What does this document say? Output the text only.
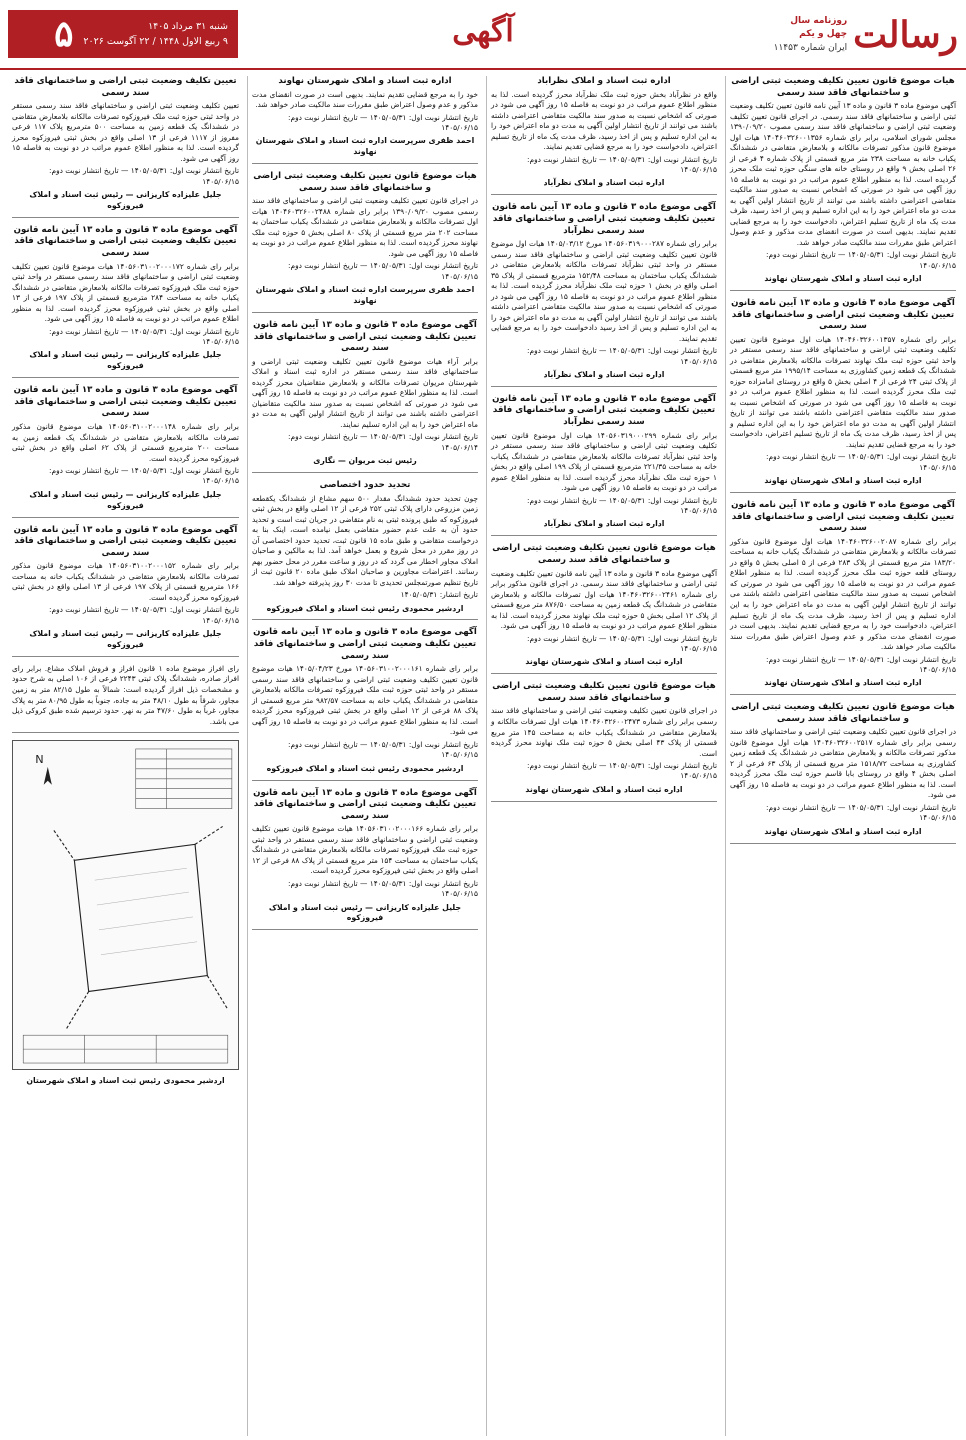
رسالت
روزنامه سال چهل و یکم
ایران شماره ۱۱۴۵۳
آگهی
شنبه ۳۱ مرداد ۱۴۰۵
۹ ربیع الاول ۱۴۴۸ / ۲۲ آگوست ۲۰۲۶
۵
هیات موضوع قانون تعیین تکلیف وضعیت ثبتی اراضی و ساختمانهای فاقد سند رسمی
آگهی موضوع ماده ۳ قانون و ماده ۱۳ آیین نامه قانون تعیین تکلیف وضعیت ثبتی اراضی و ساختمانهای فاقد سند رسمی. در اجرای قانون تعیین تکلیف وضعیت ثبتی اراضی و ساختمانهای فاقد سند رسمی مصوب ۱۳۹۰/۰۹/۲۰ مجلس شورای اسلامی، برابر رای شماره ۱۴۰۴۶۰۳۲۶۰۰۱۳۵۶ هیات اول موضوع قانون مذکور تصرفات مالکانه و بلامعارض متقاضی در ششدانگ یکباب خانه به مساحت ۲۳۸ متر مربع قسمتی از پلاک شماره ۴ فرعی از ۲۶ اصلی بخش ۹ واقع در روستای خانه های سنگی حوزه ثبت ملک محرز گردیده است. لذا به منظور اطلاع عموم مراتب در دو نوبت به فاصله ۱۵ روز آگهی می شود در صورتی که اشخاص نسبت به صدور سند مالکیت متقاضی اعتراضی داشته باشند می توانند از تاریخ انتشار اولین آگهی به مدت دو ماه اعتراض خود را به این اداره تسلیم و پس از اخذ رسید، ظرف مدت یک ماه از تاریخ تسلیم اعتراض، دادخواست خود را به مرجع قضایی تقدیم نمایند. بدیهی است در صورت انقضای مدت مذکور و عدم وصول اعتراض طبق مقررات سند مالکیت صادر خواهد شد.
تاریخ انتشار نوبت اول: ۱۴۰۵/۰۵/۳۱ — تاریخ انتشار نوبت دوم: ۱۴۰۵/۰۶/۱۵
اداره ثبت اسناد و املاک شهرستان نهاوند
آگهی موضوع ماده ۳ قانون و ماده ۱۳ آیین نامه قانون تعیین تکلیف وضعیت ثبتی اراضی و ساختمانهای فاقد سند رسمی
برابر رای شماره ۱۴۰۴۶۰۳۲۶۰۰۱۳۵۷ هیات اول موضوع قانون تعیین تکلیف وضعیت ثبتی اراضی و ساختمانهای فاقد سند رسمی مستقر در واحد ثبتی حوزه ثبت ملک نهاوند تصرفات مالکانه بلامعارض متقاضی در ششدانگ یک قطعه زمین کشاورزی به مساحت ۱۹۹۵/۱۴ متر مربع قسمتی از پلاک ثبتی ۲۴ فرعی از ۴ اصلی بخش ۵ واقع در روستای امامزاده حوزه ثبت ملک محرز گردیده است. لذا به منظور اطلاع عموم مراتب در دو نوبت به فاصله ۱۵ روز آگهی می شود در صورتی که اشخاص نسبت به صدور سند مالکیت متقاضی اعتراضی داشته باشند می توانند از تاریخ انتشار اولین آگهی به مدت دو ماه اعتراض خود را به این اداره تسلیم و پس از اخذ رسید، ظرف مدت یک ماه از تاریخ تسلیم اعتراض، دادخواست خود را به مرجع قضایی تقدیم نمایند.
تاریخ انتشار نوبت اول: ۱۴۰۵/۰۵/۳۱ — تاریخ انتشار نوبت دوم: ۱۴۰۵/۰۶/۱۵
اداره ثبت اسناد و املاک شهرستان نهاوند
آگهی موضوع ماده ۳ قانون و ماده ۱۳ آیین نامه قانون تعیین تکلیف وضعیت ثبتی اراضی و ساختمانهای فاقد سند رسمی
برابر رای شماره ۱۴۰۴۶۰۳۲۶۰۰۲۰۸۷ هیات اول موضوع قانون مذکور تصرفات مالکانه و بلامعارض متقاضی در ششدانگ یکباب خانه به مساحت ۱۸۳/۲۰ متر مربع قسمتی از پلاک ۲۸۳ فرعی از ۵ اصلی بخش ۵ واقع در روستای قلعه حوزه ثبت ملک محرز گردیده است. لذا به منظور اطلاع عموم مراتب در دو نوبت به فاصله ۱۵ روز آگهی می شود در صورتی که اشخاص نسبت به صدور سند مالکیت متقاضی اعتراضی داشته باشند می توانند از تاریخ انتشار اولین آگهی به مدت دو ماه اعتراض خود را به این اداره تسلیم و پس از اخذ رسید، ظرف مدت یک ماه از تاریخ تسلیم اعتراض، دادخواست خود را به مرجع قضایی تقدیم نمایند. بدیهی است در صورت انقضای مدت مذکور و عدم وصول اعتراض طبق مقررات سند مالکیت صادر خواهد شد.
تاریخ انتشار نوبت اول: ۱۴۰۵/۰۵/۳۱ — تاریخ انتشار نوبت دوم: ۱۴۰۵/۰۶/۱۵
اداره ثبت اسناد و املاک شهرستان نهاوند
هیات موضوع قانون تعیین تکلیف وضعیت ثبتی اراضی و ساختمانهای فاقد سند رسمی
در اجرای قانون تعیین تکلیف وضعیت ثبتی اراضی و ساختمانهای فاقد سند رسمی برابر رای شماره ۱۴۰۴۶۰۳۲۶۰۰۲۵۱۷ هیات اول موضوع قانون مذکور تصرفات مالکانه و بلامعارض متقاضی در ششدانگ یک قطعه زمین کشاورزی به مساحت ۱۵۱۸/۷۲ متر مربع قسمتی از پلاک ۶۳ فرعی از ۲ اصلی بخش ۴ واقع در روستای بابا قاسم حوزه ثبت ملک محرز گردیده است. لذا به منظور اطلاع عموم مراتب در دو نوبت به فاصله ۱۵ روز آگهی می شود.
تاریخ انتشار نوبت اول: ۱۴۰۵/۰۵/۳۱ — تاریخ انتشار نوبت دوم: ۱۴۰۵/۰۶/۱۵
اداره ثبت اسناد و املاک شهرستان نهاوند
اداره ثبت اسناد و املاک نظرآباد
واقع در نظرآباد بخش حوزه ثبت ملک نظرآباد محرز گردیده است. لذا به منظور اطلاع عموم مراتب در دو نوبت به فاصله ۱۵ روز آگهی می شود در صورتی که اشخاص نسبت به صدور سند مالکیت متقاضی اعتراضی داشته باشند می توانند از تاریخ انتشار اولین آگهی به مدت دو ماه اعتراض خود را به این اداره تسلیم و پس از اخذ رسید، ظرف مدت یک ماه از تاریخ تسلیم اعتراض، دادخواست خود را به مرجع قضایی تقدیم نمایند.
تاریخ انتشار نوبت اول: ۱۴۰۵/۰۵/۳۱ — تاریخ انتشار نوبت دوم: ۱۴۰۵/۰۶/۱۵
اداره ثبت اسناد و املاک نظرآباد
آگهی موضوع ماده ۳ قانون و ماده ۱۳ آیین نامه قانون تعیین تکلیف وضعیت ثبتی اراضی و ساختمانهای فاقد سند رسمی نظرآباد
برابر رای شماره ۱۴۰۵۶۰۳۱۹۰۰۰۲۸۷ مورخ ۱۴۰۵/۰۳/۱۲ هیات اول موضوع قانون تعیین تکلیف وضعیت ثبتی اراضی و ساختمانهای فاقد سند رسمی مستقر در واحد ثبتی نظرآباد تصرفات مالکانه بلامعارض متقاضی در ششدانگ یکباب ساختمان به مساحت ۱۵۲/۴۸ مترمربع قسمتی از پلاک ۳۵ اصلی واقع در بخش ۱ حوزه ثبت ملک نظرآباد محرز گردیده است. لذا به منظور اطلاع عموم مراتب در دو نوبت به فاصله ۱۵ روز آگهی می شود در صورتی که اشخاص نسبت به صدور سند مالکیت متقاضی اعتراضی داشته باشند می توانند از تاریخ انتشار اولین آگهی به مدت دو ماه اعتراض خود را به این اداره تسلیم و پس از اخذ رسید دادخواست خود را به مرجع قضایی تقدیم نمایند.
تاریخ انتشار نوبت اول: ۱۴۰۵/۰۵/۳۱ — تاریخ انتشار نوبت دوم: ۱۴۰۵/۰۶/۱۵
اداره ثبت اسناد و املاک نظرآباد
آگهی موضوع ماده ۳ قانون و ماده ۱۳ آیین نامه قانون تعیین تکلیف وضعیت ثبتی اراضی و ساختمانهای فاقد سند رسمی نظرآباد
برابر رای شماره ۱۴۰۵۶۰۳۱۹۰۰۰۲۹۹ هیات اول موضوع قانون تعیین تکلیف وضعیت ثبتی اراضی و ساختمانهای فاقد سند رسمی مستقر در واحد ثبتی نظرآباد تصرفات مالکانه بلامعارض متقاضی در ششدانگ یکباب خانه به مساحت ۲۲۱/۳۵ مترمربع قسمتی از پلاک ۱۹۹ اصلی واقع در بخش ۱ حوزه ثبت ملک نظرآباد محرز گردیده است. لذا به منظور اطلاع عموم مراتب در دو نوبت به فاصله ۱۵ روز آگهی می شود.
تاریخ انتشار نوبت اول: ۱۴۰۵/۰۵/۳۱ — تاریخ انتشار نوبت دوم: ۱۴۰۵/۰۶/۱۵
اداره ثبت اسناد و املاک نظرآباد
هیات موضوع قانون تعیین تکلیف وضعیت ثبتی اراضی و ساختمانهای فاقد سند رسمی
آگهی موضوع ماده ۳ قانون و ماده ۱۳ آیین نامه قانون تعیین تکلیف وضعیت ثبتی اراضی و ساختمانهای فاقد سند رسمی. در اجرای قانون مذکور برابر رای شماره ۱۴۰۴۶۰۳۲۶۰۰۲۴۶۱ هیات اول تصرفات مالکانه و بلامعارض متقاضی در ششدانگ یک قطعه زمین به مساحت ۸۷۶/۵۰ متر مربع قسمتی از پلاک ۱۲ اصلی بخش ۵ حوزه ثبت ملک نهاوند محرز گردیده است. لذا به منظور اطلاع عموم مراتب در دو نوبت به فاصله ۱۵ روز آگهی می شود.
تاریخ انتشار نوبت اول: ۱۴۰۵/۰۵/۳۱ — تاریخ انتشار نوبت دوم: ۱۴۰۵/۰۶/۱۵
اداره ثبت اسناد و املاک شهرستان نهاوند
هیات موضوع قانون تعیین تکلیف وضعیت ثبتی اراضی و ساختمانهای فاقد سند رسمی
در اجرای قانون تعیین تکلیف وضعیت ثبتی اراضی و ساختمانهای فاقد سند رسمی برابر رای شماره ۱۴۰۴۶۰۳۲۶۰۰۲۴۷۳ هیات اول تصرفات مالکانه و بلامعارض متقاضی در ششدانگ یکباب خانه به مساحت ۱۴۵ متر مربع قسمتی از پلاک ۴۳ اصلی بخش ۵ حوزه ثبت ملک نهاوند محرز گردیده است.
تاریخ انتشار نوبت اول: ۱۴۰۵/۰۵/۳۱ — تاریخ انتشار نوبت دوم: ۱۴۰۵/۰۶/۱۵
اداره ثبت اسناد و املاک شهرستان نهاوند
اداره ثبت اسناد و املاک شهرستان نهاوند
خود را به مرجع قضایی تقدیم نمایند. بدیهی است در صورت انقضای مدت مذکور و عدم وصول اعتراض طبق مقررات سند مالکیت صادر خواهد شد.
تاریخ انتشار نوبت اول: ۱۴۰۵/۰۵/۳۱ — تاریخ انتشار نوبت دوم: ۱۴۰۵/۰۶/۱۵
احمد ظفری سرپرست اداره ثبت اسناد و املاک شهرستان نهاوند
هیات موضوع قانون تعیین تکلیف وضعیت ثبتی اراضی و ساختمانهای فاقد سند رسمی
در اجرای قانون تعیین تکلیف وضعیت ثبتی اراضی و ساختمانهای فاقد سند رسمی مصوب ۱۳۹۰/۰۹/۲۰ برابر رای شماره ۱۴۰۴۶۰۳۲۶۰۰۲۴۸۸ هیات اول تصرفات مالکانه و بلامعارض متقاضی در ششدانگ یکباب ساختمان به مساحت ۲۰۲ متر مربع قسمتی از پلاک ۸۰ اصلی بخش ۵ حوزه ثبت ملک نهاوند محرز گردیده است. لذا به منظور اطلاع عموم مراتب در دو نوبت به فاصله ۱۵ روز آگهی می شود.
تاریخ انتشار نوبت اول: ۱۴۰۵/۰۵/۳۱ — تاریخ انتشار نوبت دوم: ۱۴۰۵/۰۶/۱۵
احمد ظفری سرپرست اداره ثبت اسناد و املاک شهرستان نهاوند
آگهی موضوع ماده ۳ قانون و ماده ۱۳ آیین نامه قانون تعیین تکلیف وضعیت ثبتی اراضی و ساختمانهای فاقد سند رسمی
برابر آراء هیات موضوع قانون تعیین تکلیف وضعیت ثبتی اراضی و ساختمانهای فاقد سند رسمی مستقر در اداره ثبت اسناد و املاک شهرستان مریوان تصرفات مالکانه و بلامعارض متقاضیان محرز گردیده است. لذا به منظور اطلاع عموم مراتب در دو نوبت به فاصله ۱۵ روز آگهی می شود در صورتی که اشخاص نسبت به صدور سند مالکیت متقاضیان اعتراضی داشته باشند می توانند از تاریخ انتشار اولین آگهی به مدت دو ماه اعتراض خود را به این اداره تسلیم نمایند.
تاریخ انتشار نوبت اول: ۱۴۰۵/۰۵/۳۱ — تاریخ انتشار نوبت دوم: ۱۴۰۵/۰۶/۱۴
رئیس ثبت مریوان — نگاری
تحدید حدود اختصاصی
چون تحدید حدود ششدانگ مقدار ۵۰۰ سهم مشاع از ششدانگ یکقطعه زمین مزروعی دارای پلاک ثبتی ۲۵۲ فرعی از ۱۲ اصلی واقع در بخش ثبتی فیروزکوه که طبق پرونده ثبتی به نام متقاضی در جریان ثبت است و تحدید حدود آن به علت عدم حضور متقاضی بعمل نیامده است، اینک بنا به درخواست متقاضی و طبق ماده ۱۵ قانون ثبت، تحدید حدود اختصاصی آن در روز مقرر در محل شروع و بعمل خواهد آمد. لذا به مالکین و صاحبان املاک مجاور اخطار می گردد که در روز و ساعت مقرر در محل حضور بهم رسانند. اعتراضات مجاورین و صاحبان املاک طبق ماده ۲۰ قانون ثبت از تاریخ تنظیم صورتمجلس تحدیدی تا مدت ۳۰ روز پذیرفته خواهد شد.
تاریخ انتشار: ۱۴۰۵/۰۵/۳۱
اردشیر محمودی رئیس ثبت اسناد و املاک فیروزکوه
آگهی موضوع ماده ۳ قانون و ماده ۱۳ آیین نامه قانون تعیین تکلیف وضعیت ثبتی اراضی و ساختمانهای فاقد سند رسمی
برابر رای شماره ۱۴۰۵۶۰۳۱۰۰۲۰۰۰۱۶۱ مورخ ۱۴۰۵/۰۴/۲۳ هیات موضوع قانون تعیین تکلیف وضعیت ثبتی اراضی و ساختمانهای فاقد سند رسمی مستقر در واحد ثبتی حوزه ثبت ملک فیروزکوه تصرفات مالکانه بلامعارض متقاضی در ششدانگ یکباب خانه به مساحت ۹۸۲/۵۷ متر مربع قسمتی از پلاک ۸۸ فرعی از ۱۲ اصلی واقع در بخش ثبتی فیروزکوه محرز گردیده است. لذا به منظور اطلاع عموم مراتب در دو نوبت به فاصله ۱۵ روز آگهی می شود.
تاریخ انتشار نوبت اول: ۱۴۰۵/۰۵/۳۱ — تاریخ انتشار نوبت دوم: ۱۴۰۵/۰۶/۱۵
اردشیر محمودی رئیس ثبت اسناد و املاک فیروزکوه
آگهی موضوع ماده ۳ قانون و ماده ۱۳ آیین نامه قانون تعیین تکلیف وضعیت ثبتی اراضی و ساختمانهای فاقد سند رسمی
برابر رای شماره ۱۴۰۵۶۰۳۱۰۰۲۰۰۰۱۶۶ هیات موضوع قانون تعیین تکلیف وضعیت ثبتی اراضی و ساختمانهای فاقد سند رسمی مستقر در واحد ثبتی حوزه ثبت ملک فیروزکوه تصرفات مالکانه بلامعارض متقاضی در ششدانگ یکباب ساختمان به مساحت ۱۵۴ متر مربع قسمتی از پلاک ۸۸ فرعی از ۱۲ اصلی واقع در بخش ثبتی فیروزکوه محرز گردیده است.
تاریخ انتشار نوبت اول: ۱۴۰۵/۰۵/۳۱ — تاریخ انتشار نوبت دوم: ۱۴۰۵/۰۶/۱۵
جلیل علیزاده کاریزانی — رئیس ثبت اسناد و املاک فیروزکوه
تعیین تکلیف وضعیت ثبتی اراضی و ساختمانهای فاقد سند رسمی
تعیین تکلیف وضعیت ثبتی اراضی و ساختمانهای فاقد سند رسمی مستقر در واحد ثبتی حوزه ثبت ملک فیروزکوه تصرفات مالکانه بلامعارض متقاضی در ششدانگ یک قطعه زمین به مساحت ۵۰۰ مترمربع پلاک ۱۱۷ فرعی مفروز از ۱۱۱۷ فرعی از ۱۳ اصلی واقع در بخش ثبتی فیروزکوه محرز گردیده است. لذا به منظور اطلاع عموم مراتب در دو نوبت به فاصله ۱۵ روز آگهی می شود.
تاریخ انتشار نوبت اول: ۱۴۰۵/۰۵/۳۱ — تاریخ انتشار نوبت دوم: ۱۴۰۵/۰۶/۱۵
جلیل علیزاده کاریزانی — رئیس ثبت اسناد و املاک فیروزکوه
آگهی موضوع ماده ۳ قانون و ماده ۱۳ آیین نامه قانون تعیین تکلیف وضعیت ثبتی اراضی و ساختمانهای فاقد سند رسمی
برابر رای شماره ۱۴۰۵۶۰۳۱۰۰۲۰۰۰۱۷۲ هیات موضوع قانون تعیین تکلیف وضعیت ثبتی اراضی و ساختمانهای فاقد سند رسمی مستقر در واحد ثبتی حوزه ثبت ملک فیروزکوه تصرفات مالکانه بلامعارض متقاضی در ششدانگ یکباب خانه به مساحت ۲۸۴ مترمربع قسمتی از پلاک ۱۹۷ فرعی از ۱۳ اصلی واقع در بخش ثبتی فیروزکوه محرز گردیده است. لذا به منظور اطلاع عموم مراتب در دو نوبت به فاصله ۱۵ روز آگهی می شود.
تاریخ انتشار نوبت اول: ۱۴۰۵/۰۵/۳۱ — تاریخ انتشار نوبت دوم: ۱۴۰۵/۰۶/۱۵
جلیل علیزاده کاریزانی — رئیس ثبت اسناد و املاک فیروزکوه
آگهی موضوع ماده ۳ قانون و ماده ۱۳ آیین نامه قانون تعیین تکلیف وضعیت ثبتی اراضی و ساختمانهای فاقد سند رسمی
برابر رای شماره ۱۴۰۵۶۰۳۱۰۰۲۰۰۰۱۴۸ هیات موضوع قانون مذکور تصرفات مالکانه بلامعارض متقاضی در ششدانگ یک قطعه زمین به مساحت ۲۰۰ مترمربع قسمتی از پلاک ۶۲ اصلی واقع در بخش ثبتی فیروزکوه محرز گردیده است.
تاریخ انتشار نوبت اول: ۱۴۰۵/۰۵/۳۱ — تاریخ انتشار نوبت دوم: ۱۴۰۵/۰۶/۱۵
جلیل علیزاده کاریزانی — رئیس ثبت اسناد و املاک فیروزکوه
آگهی موضوع ماده ۳ قانون و ماده ۱۳ آیین نامه قانون تعیین تکلیف وضعیت ثبتی اراضی و ساختمانهای فاقد سند رسمی
برابر رای شماره ۱۴۰۵۶۰۳۱۰۰۲۰۰۰۱۵۲ هیات موضوع قانون مذکور تصرفات مالکانه بلامعارض متقاضی در ششدانگ یکباب خانه به مساحت ۱۶۶ مترمربع قسمتی از پلاک ۱۹۷ فرعی از ۱۳ اصلی واقع در بخش ثبتی فیروزکوه محرز گردیده است.
تاریخ انتشار نوبت اول: ۱۴۰۵/۰۵/۳۱ — تاریخ انتشار نوبت دوم: ۱۴۰۵/۰۶/۱۵
جلیل علیزاده کاریزانی — رئیس ثبت اسناد و املاک فیروزکوه
رای افراز موضوع ماده ۱ قانون افراز و فروش املاک مشاع. برابر رای افراز صادره، ششدانگ پلاک ثبتی ۲۲۴۳ فرعی از ۱۰۶ اصلی به شرح حدود و مشخصات ذیل افراز گردیده است: شمالاً به طول ۸۲/۱۵ متر به زمین مجاور، شرقاً به طول ۴۸/۱۰ متر به جاده، جنوباً به طول ۸۰/۹۵ متر به پلاک مجاور، غرباً به طول ۴۷/۶۰ متر به نهر. حدود ترسیم شده طبق کروکی ذیل می باشد.
N
اردشیر محمودی رئیس ثبت اسناد و املاک شهرستان
